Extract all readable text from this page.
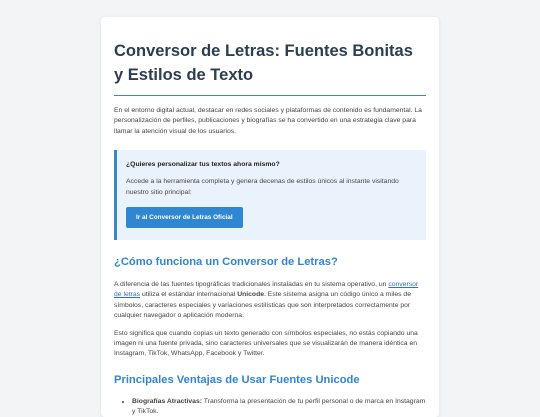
Conversor de Letras: Fuentes Bonitas y Estilos de Texto

En el entorno digital actual, destacar en redes sociales y plataformas de contenido es fundamental. La personalización de perfiles, publicaciones y biografías se ha convertido en una estrategia clave para llamar la atención visual de los usuarios.

¿Quieres personalizar tus textos ahora mismo?

Accede a la herramienta completa y genera decenas de estilos únicos al instante visitando nuestro sitio principal:

Ir al Conversor de Letras Oficial
¿Cómo funciona un Conversor de Letras?

A diferencia de las fuentes tipográficas tradicionales instaladas en tu sistema operativo, un conversor de letras utiliza el estándar internacional Unicode. Este sistema asigna un código único a miles de símbolos, caracteres especiales y variaciones estilísticas que son interpretados correctamente por cualquier navegador o aplicación moderna.

Esto significa que cuando copias un texto generado con símbolos especiales, no estás copiando una imagen ni una fuente privada, sino caracteres universales que se visualizarán de manera idéntica en Instagram, TikTok, WhatsApp, Facebook y Twitter.

Principales Ventajas de Usar Fuentes Unicode
• Biografías Atractivas: Transforma la presentación de tu perfil personal o de marca en Instagram y TikTok.
